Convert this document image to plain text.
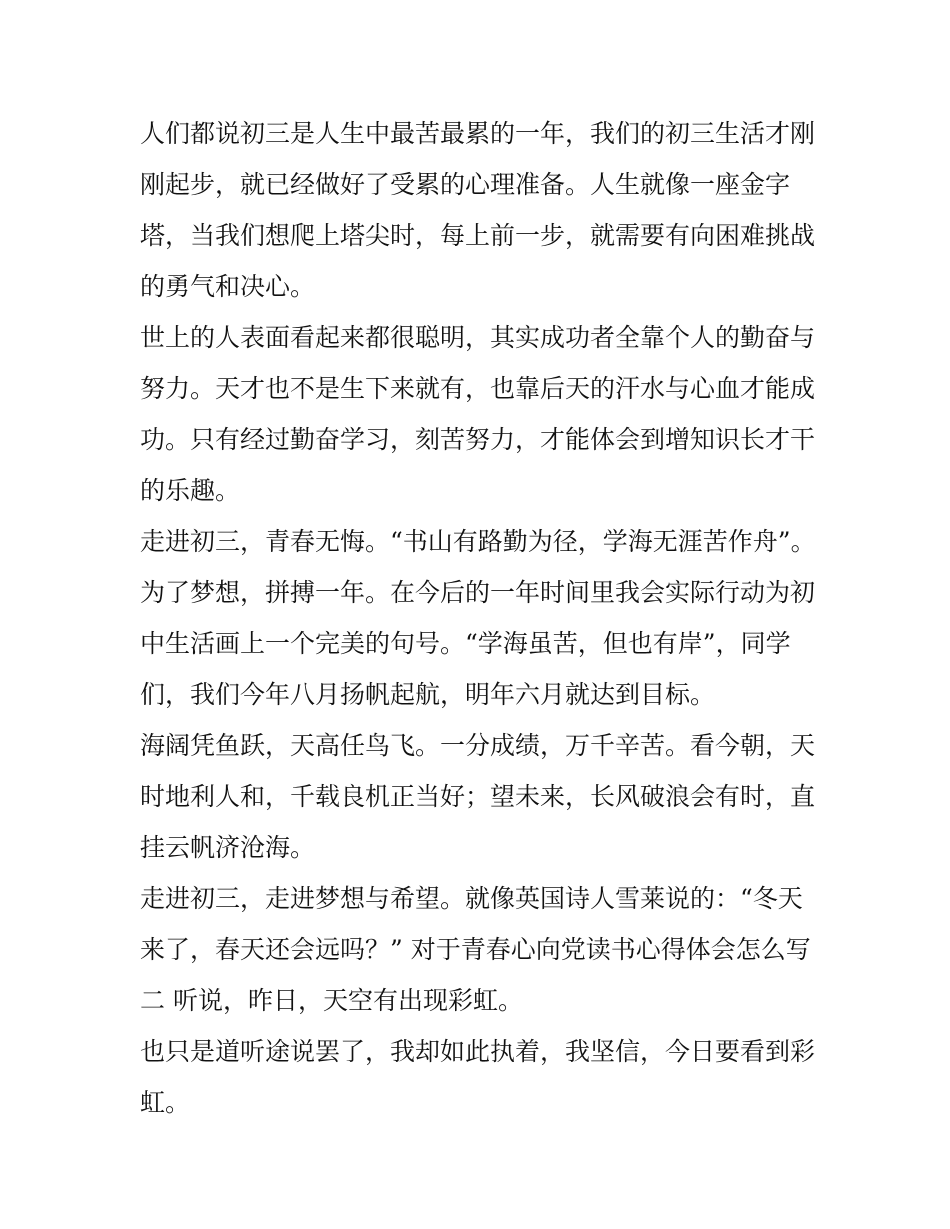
人们都说初三是人生中最苦最累的一年，我们的初三生活才刚
刚起步，就已经做好了受累的心理准备。人生就像一座金字
塔，当我们想爬上塔尖时，每上前一步，就需要有向困难挑战
的勇气和决心。
世上的人表面看起来都很聪明，其实成功者全靠个人的勤奋与
努力。天才也不是生下来就有，也靠后天的汗水与心血才能成
功。只有经过勤奋学习，刻苦努力，才能体会到增知识长才干
的乐趣。
走进初三，青春无悔。“书山有路勤为径，学海无涯苦作舟”。
为了梦想，拼搏一年。在今后的一年时间里我会实际行动为初
中生活画上一个完美的句号。“学海虽苦，但也有岸”，同学
们，我们今年八月扬帆起航，明年六月就达到目标。
海阔凭鱼跃，天高任鸟飞。一分成绩，万千辛苦。看今朝，天
时地利人和，千载良机正当好；望未来，长风破浪会有时，直
挂云帆济沧海。
走进初三，走进梦想与希望。就像英国诗人雪莱说的：“冬天
来了，春天还会远吗？” 对于青春心向党读书心得体会怎么写
二 听说，昨日，天空有出现彩虹。
也只是道听途说罢了，我却如此执着，我坚信，今日要看到彩
虹。
